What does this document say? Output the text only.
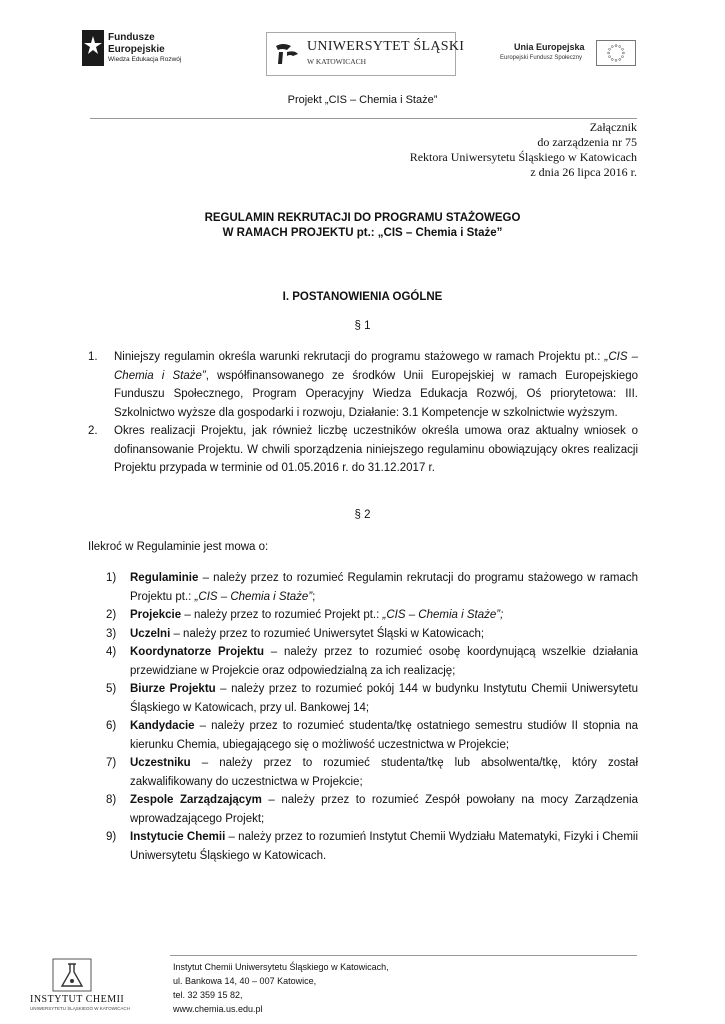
Fundusze
Europejskie
Wiedza Edukacja Rozwój
UNIWERSYTET ŚLĄSKI
W KATOWICACH
Unia Europejska
Europejski Fundusz Społeczny
Projekt „CIS – Chemia i Staże”
Załącznik
do zarządzenia nr 75
Rektora Uniwersytetu Śląskiego w Katowicach
z dnia 26 lipca 2016 r.
REGULAMIN REKRUTACJI DO PROGRAMU STAŻOWEGO
W RAMACH PROJEKTU pt.: „CIS – Chemia i Staże”
I. POSTANOWIENIA OGÓLNE
§ 1
1. Niniejszy regulamin określa warunki rekrutacji do programu stażowego w ramach Projektu pt.: „CIS – Chemia i Staże”, współfinansowanego ze środków Unii Europejskiej w ramach Europejskiego Funduszu Społecznego, Program Operacyjny Wiedza Edukacja Rozwój, Oś priorytetowa: III. Szkolnictwo wyższe dla gospodarki i rozwoju, Działanie: 3.1 Kompetencje w szkolnictwie wyższym.
2. Okres realizacji Projektu, jak również liczbę uczestników określa umowa oraz aktualny wniosek o dofinansowanie Projektu. W chwili sporządzenia niniejszego regulaminu obowiązujący okres realizacji Projektu przypada w terminie od 01.05.2016 r. do 31.12.2017 r.
§ 2
Ilekroć w Regulaminie jest mowa o:
1) Regulaminie – należy przez to rozumieć Regulamin rekrutacji do programu stażowego w ramach Projektu pt.: „CIS – Chemia i Staże”;
2) Projekcie – należy przez to rozumieć Projekt pt.: „CIS – Chemia i Staże”;
3) Uczelni – należy przez to rozumieć Uniwersytet Śląski w Katowicach;
4) Koordynatorze Projektu – należy przez to rozumieć osobę koordynującą wszelkie działania przewidziane w Projekcie oraz odpowiedzialną za ich realizację;
5) Biurze Projektu – należy przez to rozumieć pokój 144 w budynku Instytutu Chemii Uniwersytetu Śląskiego w Katowicach, przy ul. Bankowej 14;
6) Kandydacie – należy przez to rozumieć studenta/tkę ostatniego semestru studiów II stopnia na kierunku Chemia, ubiegającego się o możliwość uczestnictwa w Projekcie;
7) Uczestniku – należy przez to rozumieć studenta/tkę lub absolwenta/tkę, który został zakwalifikowany do uczestnictwa w Projekcie;
8) Zespole Zarządzającym – należy przez to rozumieć Zespół powołany na mocy Zarządzenia wprowadzającego Projekt;
9) Instytucie Chemii – należy przez to rozumień Instytut Chemii Wydziału Matematyki, Fizyki i Chemii Uniwersytetu Śląskiego w Katowicach.
INSTYTUT CHEMII
UNIWERSYTETU ŚLĄSKIEGO W KATOWICACH
Instytut Chemii Uniwersytetu Śląskiego w Katowicach,
ul. Bankowa 14, 40 – 007 Katowice,
tel. 32 359 15 82,
www.chemia.us.edu.pl
